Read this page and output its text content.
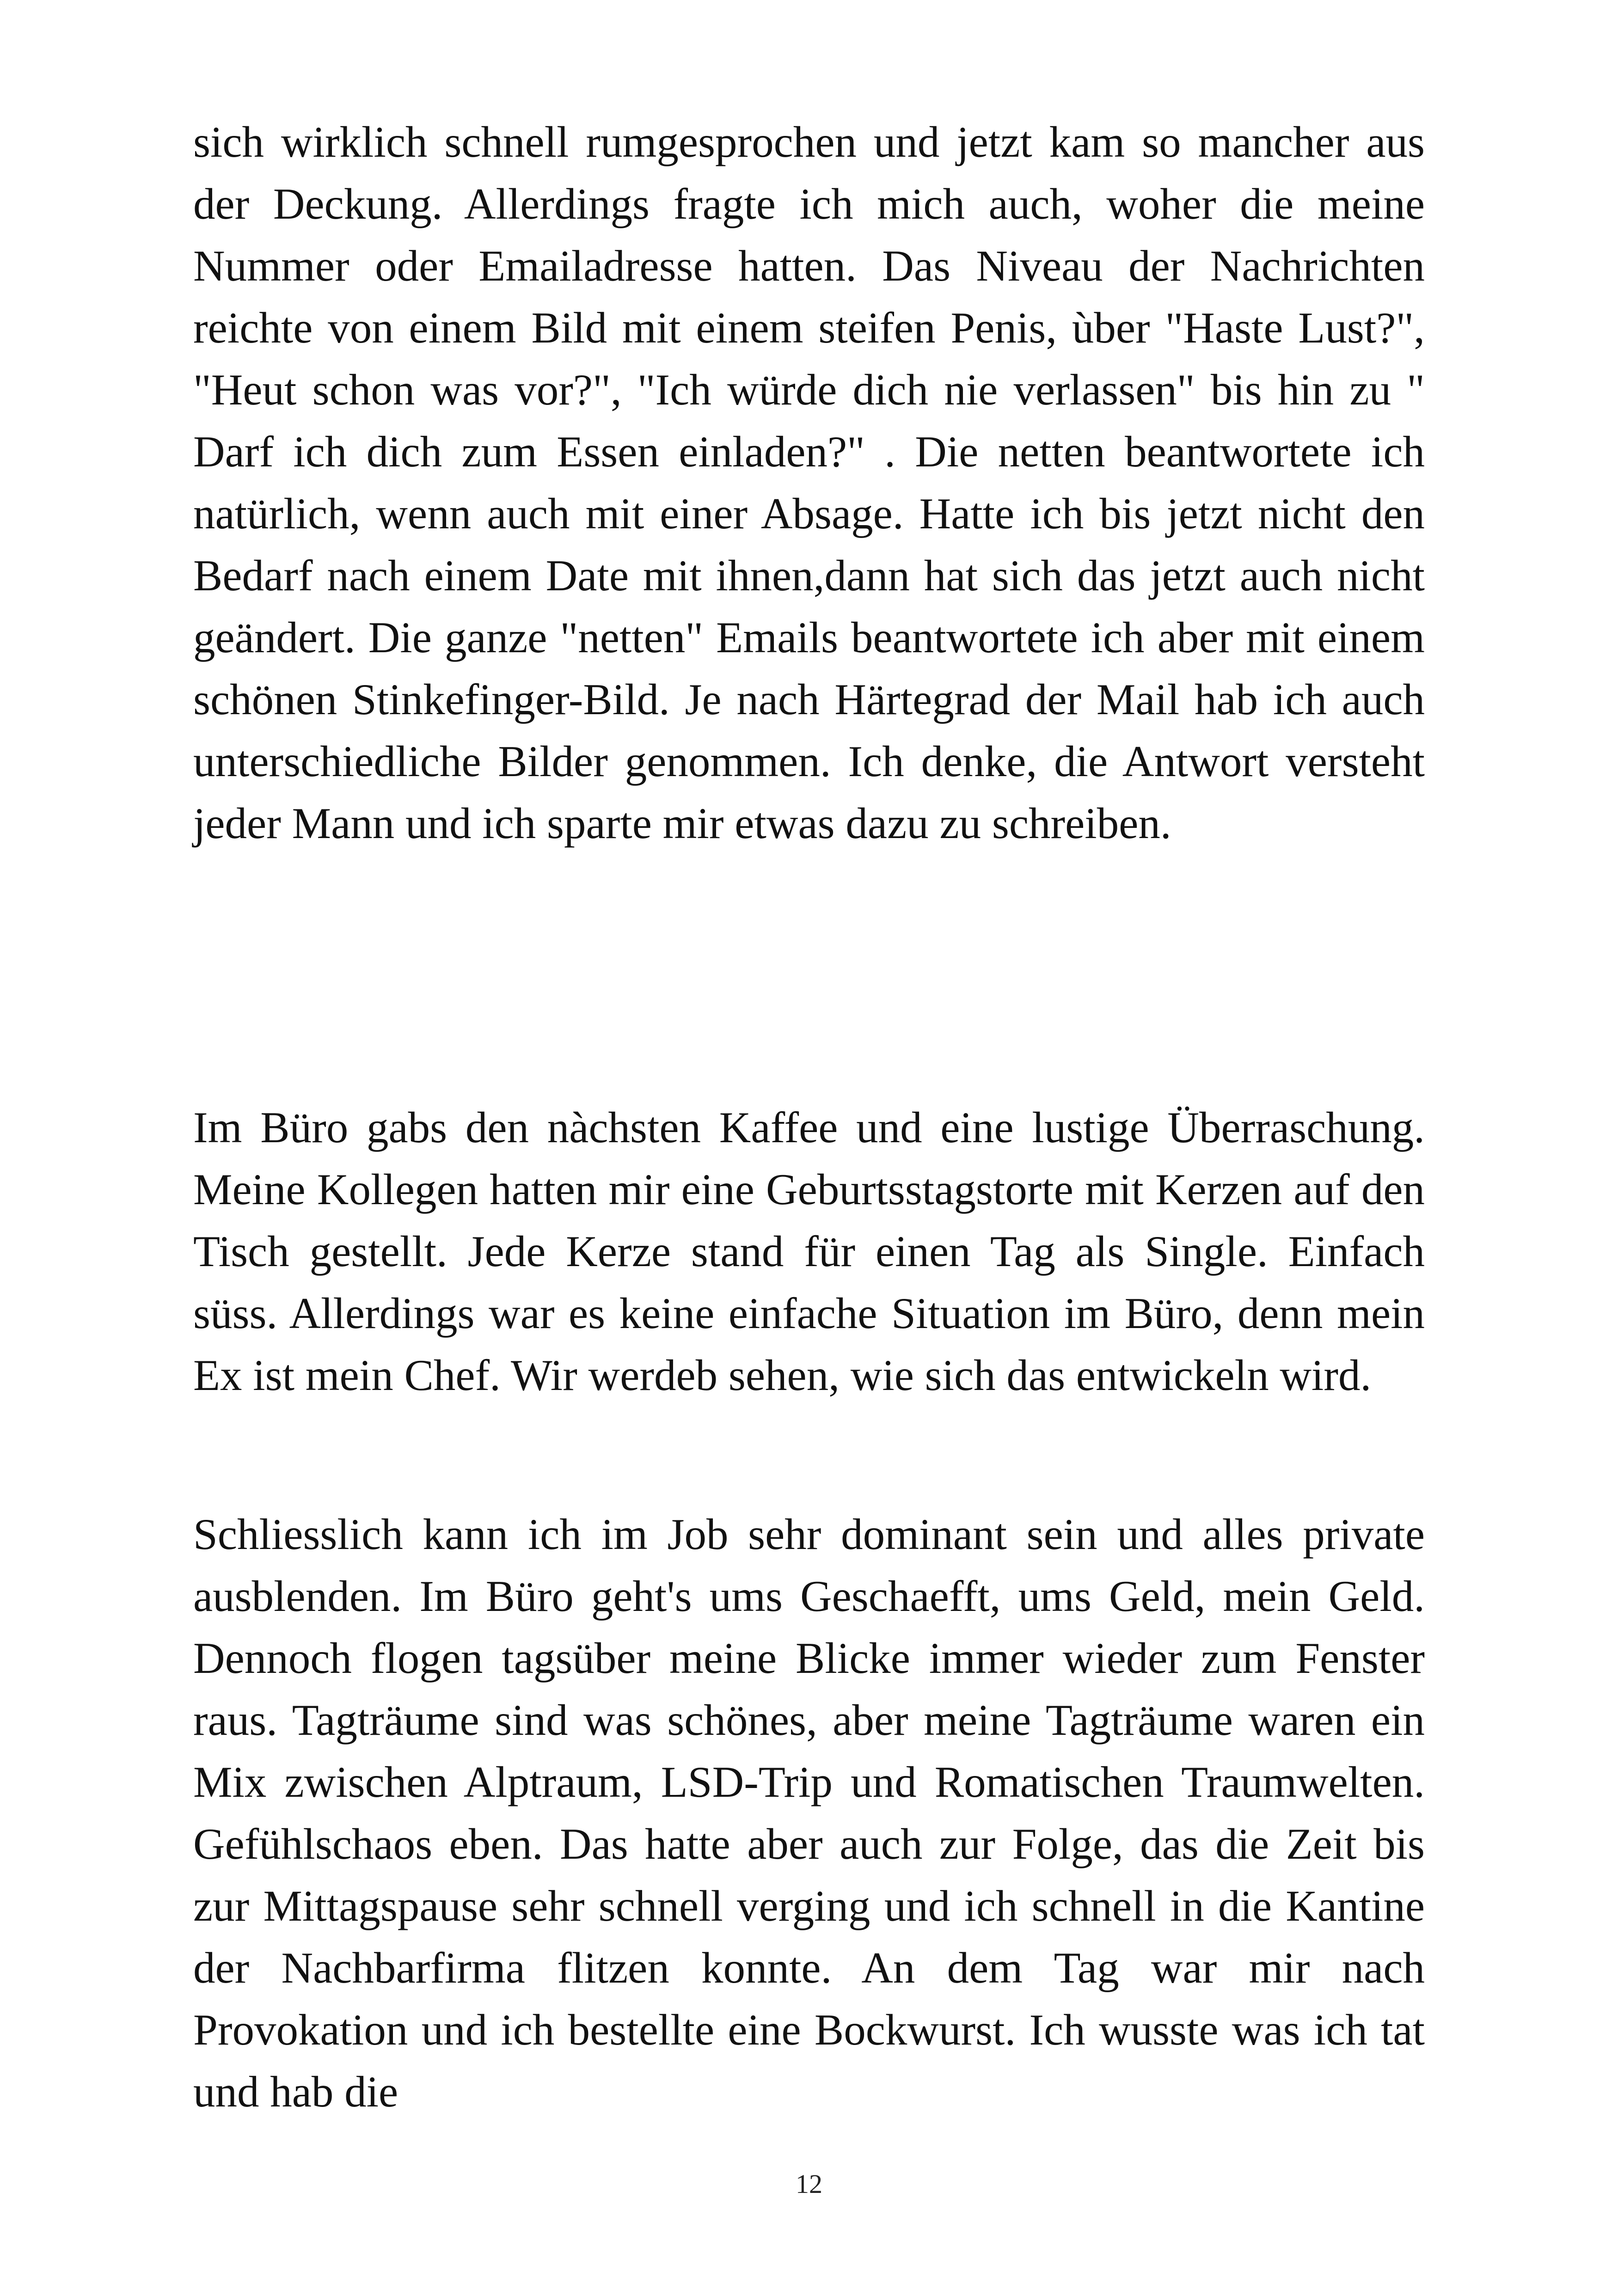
sich wirklich schnell rumgesprochen und jetzt kam so mancher aus der Deckung. Allerdings fragte ich mich auch, woher die meine Nummer oder Emailadresse hatten. Das Niveau der Nachrichten reichte von einem Bild mit einem steifen Penis, ùber "Haste Lust?", "Heut schon was vor?", "Ich würde dich nie verlassen" bis hin zu " Darf ich dich zum Essen einladen?" . Die netten beantwortete ich natürlich, wenn auch mit einer Absage. Hatte ich bis jetzt nicht den Bedarf nach einem Date mit ihnen,dann hat sich das jetzt auch nicht geändert. Die ganze "netten" Emails beantwortete ich aber mit einem schönen Stinkefinger-Bild. Je nach Härtegrad der Mail hab ich auch unterschiedliche Bilder genommen. Ich denke, die Antwort versteht jeder Mann und ich sparte mir etwas dazu zu schreiben.

Im Büro gabs den nàchsten Kaffee und eine lustige Überraschung. Meine Kollegen hatten mir eine Geburtsstagstorte mit Kerzen auf den Tisch gestellt. Jede Kerze stand für einen Tag als Single. Einfach süss. Allerdings war es keine einfache Situation im Büro, denn mein Ex ist mein Chef. Wir werdeb sehen, wie sich das entwickeln wird.

Schliesslich kann ich im Job sehr dominant sein und alles private ausblenden. Im Büro geht's ums Geschaefft, ums Geld, mein Geld. Dennoch flogen tagsüber meine Blicke immer wieder zum Fenster raus. Tagträume sind was schönes, aber meine Tagträume waren ein Mix zwischen Alptraum, LSD-Trip und Romatischen Traumwelten. Gefühlschaos eben. Das hatte aber auch zur Folge, das die Zeit bis zur Mittagspause sehr schnell verging und ich schnell in die Kantine der Nachbarfirma flitzen konnte. An dem Tag war mir nach Provokation und ich bestellte eine Bockwurst. Ich wusste was ich tat und hab die

12
